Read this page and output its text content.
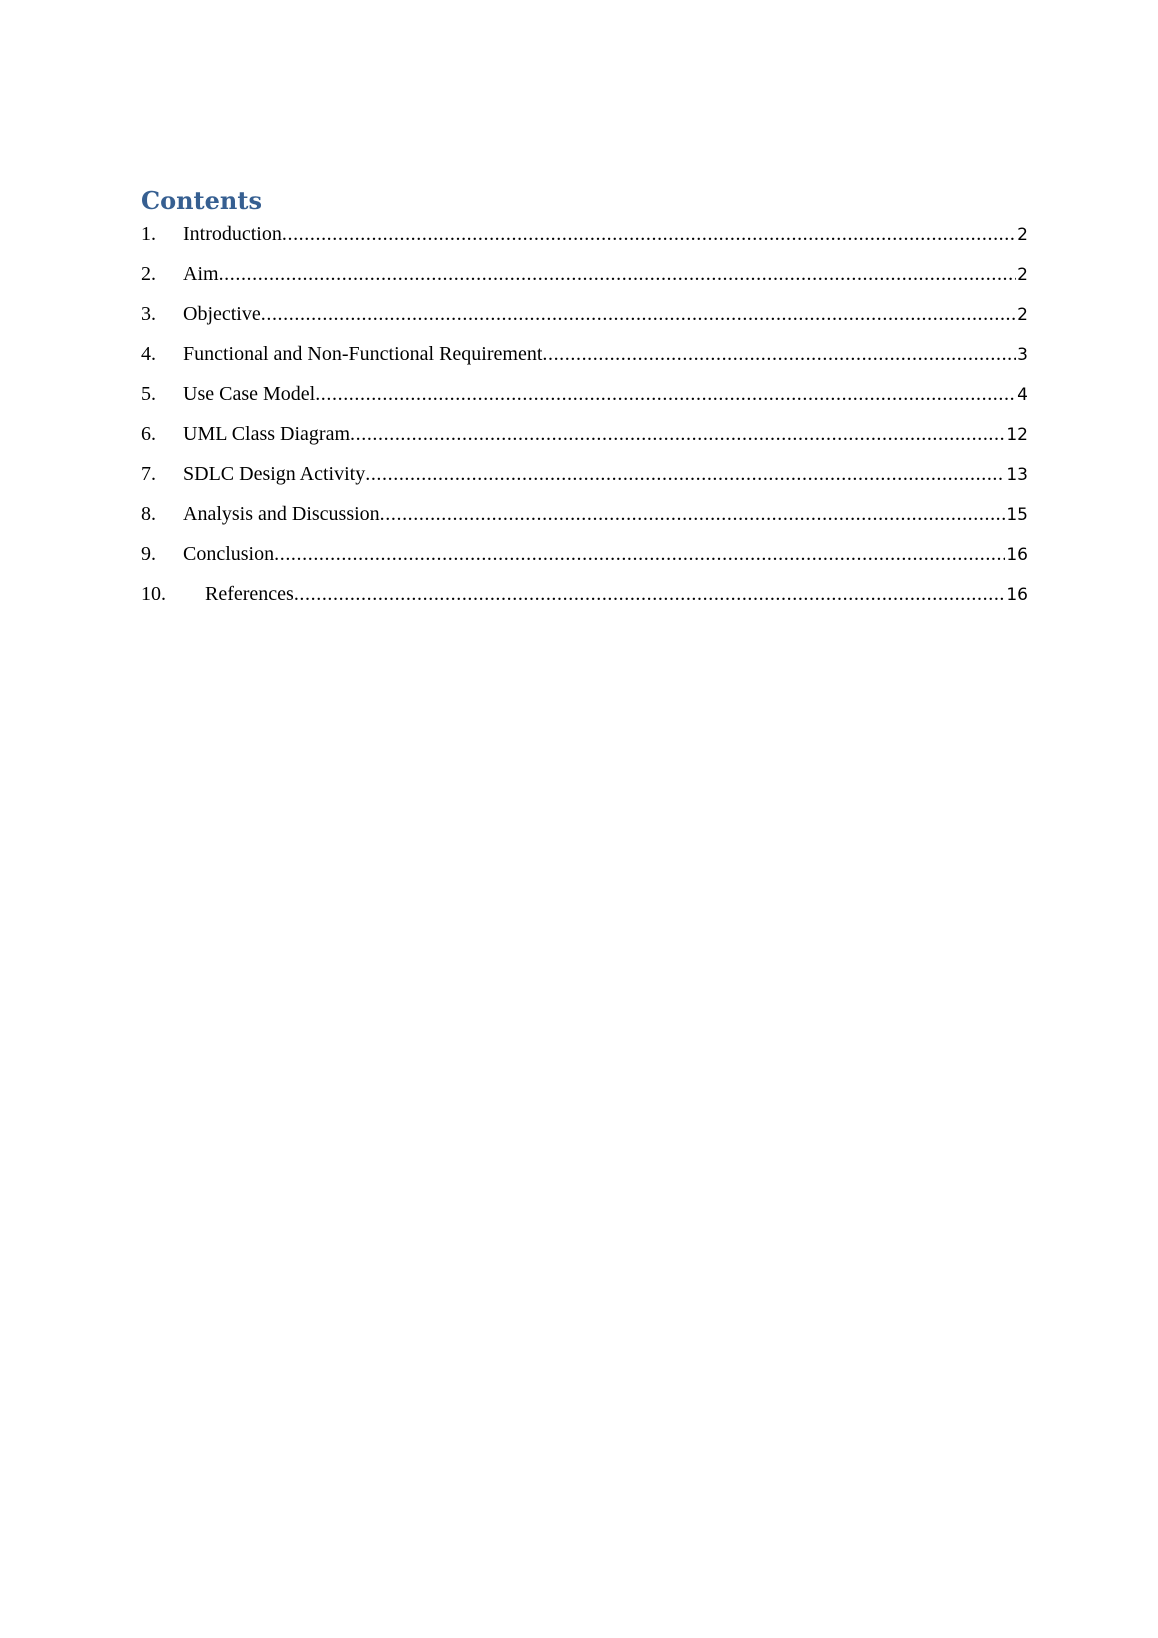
Contents
1.	Introduction .....	2
2.	Aim .....	2
3.	Objective .....	2
4.	Functional and Non-Functional Requirement .....	3
5.	Use Case Model .....	4
6.	UML Class Diagram .....	12
7.	SDLC Design Activity .....	13
8.	Analysis and Discussion .....	15
9.	Conclusion .....	16
10.	References .....	16
